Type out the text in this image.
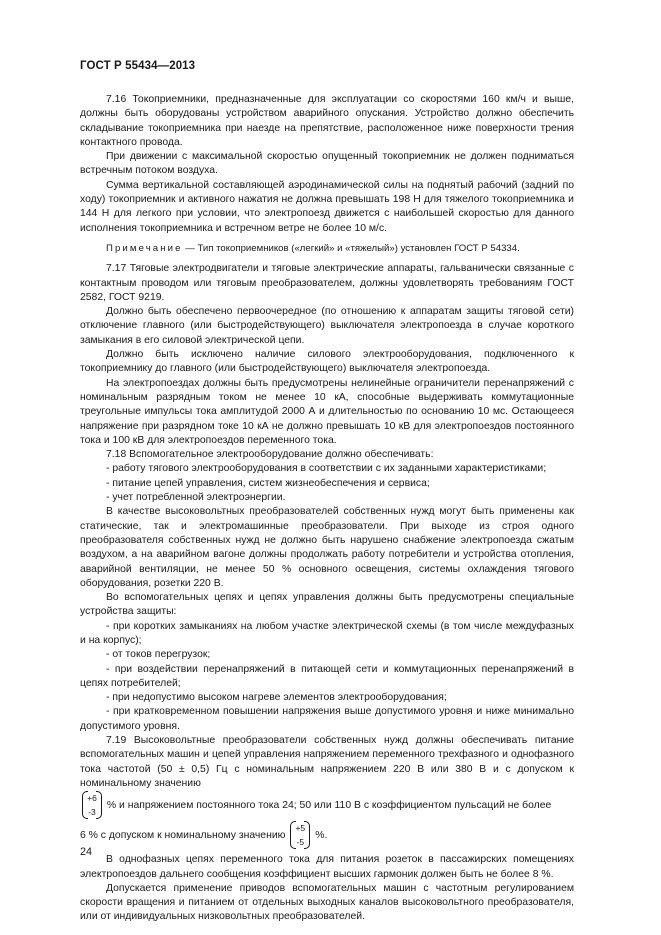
ГОСТ Р 55434—2013

7.16 Токоприемники, предназначенные для эксплуатации со скоростями 160 км/ч и выше, должны быть оборудованы устройством аварийного опускания. Устройство должно обеспечить складывание токоприемника при наезде на препятствие, расположенное ниже поверхности трения контактного провода.

При движении с максимальной скоростью опущенный токоприемник не должен подниматься встречным потоком воздуха.

Сумма вертикальной составляющей аэродинамической силы на поднятый рабочий (задний по ходу) токоприемник и активного нажатия не должна превышать 198 Н для тяжелого токоприемника и 144 Н для легкого при условии, что электропоезд движется с наибольшей скоростью для данного исполнения токоприемника и встречном ветре не более 10 м/с.

Примечание — Тип токоприемников («легкий» и «тяжелый») установлен ГОСТ Р 54334.

7.17 Тяговые электродвигатели и тяговые электрические аппараты, гальванически связанные с контактным проводом или тяговым преобразователем, должны удовлетворять требованиям ГОСТ 2582, ГОСТ 9219.

Должно быть обеспечено первоочередное (по отношению к аппаратам защиты тяговой сети) отключение главного (или быстродействующего) выключателя электропоезда в случае короткого замыкания в его силовой электрической цепи.

Должно быть исключено наличие силового электрооборудования, подключенного к токоприемнику до главного (или быстродействующего) выключателя электропоезда.

На электропоездах должны быть предусмотрены нелинейные ограничители перенапряжений с номинальным разрядным током не менее 10 кА, способные выдерживать коммутационные треугольные импульсы тока амплитудой 2000 А и длительностью по основанию 10 мс. Остающееся напряжение при разрядном токе 10 кА не должно превышать 10 кВ для электропоездов постоянного тока и 100 кВ для электропоездов переменного тока.

7.18 Вспомогательное электрооборудование должно обеспечивать:

- работу тягового электрооборудования в соответствии с их заданными характеристиками;

- питание цепей управления, систем жизнеобеспечения и сервиса;

- учет потребленной электроэнергии.

В качестве высоковольтных преобразователей собственных нужд могут быть применены как статические, так и электромашинные преобразователи. При выходе из строя одного преобразователя собственных нужд не должно быть нарушено снабжение электропоезда сжатым воздухом, а на аварийном вагоне должны продолжать работу потребители и устройства отопления, аварийной вентиляции, не менее 50 % основного освещения, системы охлаждения тягового оборудования, розетки 220 В.

Во вспомогательных цепях и цепях управления должны быть предусмотрены специальные устройства защиты:

- при коротких замыканиях на любом участке электрической схемы (в том числе междуфазных и на корпус);

- от токов перегрузок;

- при воздействии перенапряжений в питающей сети и коммутационных перенапряжений в цепях потребителей;

- при недопустимо высоком нагреве элементов электрооборудования;

- при кратковременном повышении напряжения выше допустимого уровня и ниже минимально допустимого уровня.

7.19 Высоковольтные преобразователи собственных нужд должны обеспечивать питание вспомогательных машин и цепей управления напряжением переменного трехфазного и однофазного тока частотой (50 ± 0,5) Гц с номинальным напряжением 220 В или 380 В и с допуском к номинальному значению

+6
-3
% и напряжением постоянного тока 24; 50 или 110 В с коэффициентом пульсаций не более
6 % с допуском к номинальному значению
+5
-5
%.

В однофазных цепях переменного тока для питания розеток в пассажирских помещениях электропоездов дальнего сообщения коэффициент высших гармоник должен быть не более 8 %.

Допускается применение приводов вспомогательных машин с частотным регулированием скорости вращения и питанием от отдельных выходных каналов высоковольтного преобразователя, или от индивидуальных низковольтных преобразователей.

24
